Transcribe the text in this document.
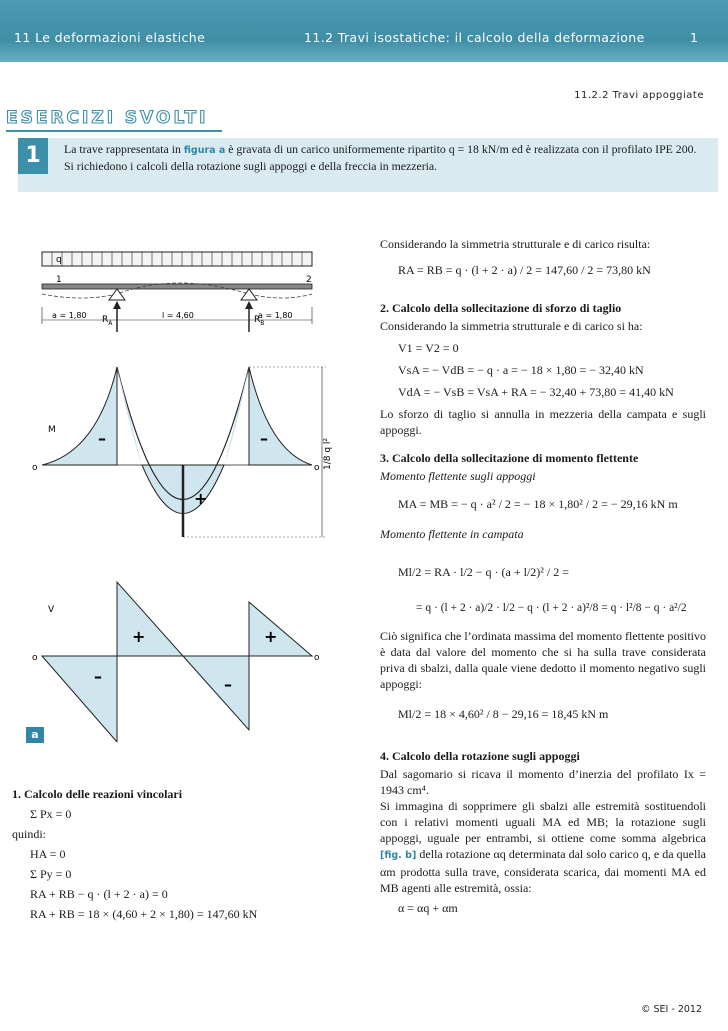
11 Le deformazioni elastiche	11.2 Travi isostatiche: il calcolo della deformazione	1
11.2.2 Travi appoggiate
ESERCIZI SVOLTI
1	La trave rappresentata in figura a è gravata di un carico uniformemente ripartito q = 18 kN/m ed è realizzata con il profilato IPE 200.
Si richiedono i calcoli della rotazione sugli appoggi e della freccia in mezzeria.
q
1	2
$R_A$	$R_B$
a = 1,80	l = 4,60	a = 1,80
M	–	–
+
o	o 1/8 q l²
V
+	+
–	–
o	o
a

1. Calcolo delle reazioni vincolari

Σ Px = 0

quindi:

HA = 0

Σ Py = 0

RA + RB − q · (l + 2 · a) = 0

RA + RB = 18 × (4,60 + 2 × 1,80) = 147,60 kN

Considerando la simmetria strutturale e di carico risulta:

RA = RB = q · (l + 2 · a) / 2 = 147,60 / 2 = 73,80 kN

2. Calcolo della sollecitazione di sforzo di taglio

Considerando la simmetria strutturale e di carico si ha:

V1 = V2 = 0

VsA = − VdB = − q · a = − 18 × 1,80 = − 32,40 kN

VdA = − VsB = VsA + RA = − 32,40 + 73,80 = 41,40 kN

Lo sforzo di taglio si annulla in mezzeria della campata e sugli appoggi.

3. Calcolo della sollecitazione di momento flettente

Momento flettente sugli appoggi

MA = MB = − q · a² / 2 = − 18 × 1,80² / 2 = − 29,16 kN m

Momento flettente in campata

Ml/2 = RA · l/2 − q · (a + l/2)² / 2 =

= q · (l + 2 · a)/2 · l/2 − q · (l + 2 · a)²/8 = q · l²/8 − q · a²/2

Ciò significa che l’ordinata massima del momento flettente positivo è data dal valore del momento che si ha sulla trave considerata priva di sbalzi, dalla quale viene dedotto il momento negativo sugli appoggi:

Ml/2 = 18 × 4,60² / 8 − 29,16 = 18,45 kN m

4. Calcolo della rotazione sugli appoggi

Dal sagomario si ricava il momento d’inerzia del profilato Ix = 1943 cm⁴.

Si immagina di sopprimere gli sbalzi alle estremità sostituendoli con i relativi momenti uguali MA ed MB; la rotazione sugli appoggi, uguale per entrambi, si ottiene come somma algebrica [fig. b] della rotazione αq determinata dal solo carico q, e da quella αm prodotta sulla trave, considerata scarica, dai momenti MA ed MB agenti alle estremità, ossia:

α = αq + αm

© SEI - 2012
